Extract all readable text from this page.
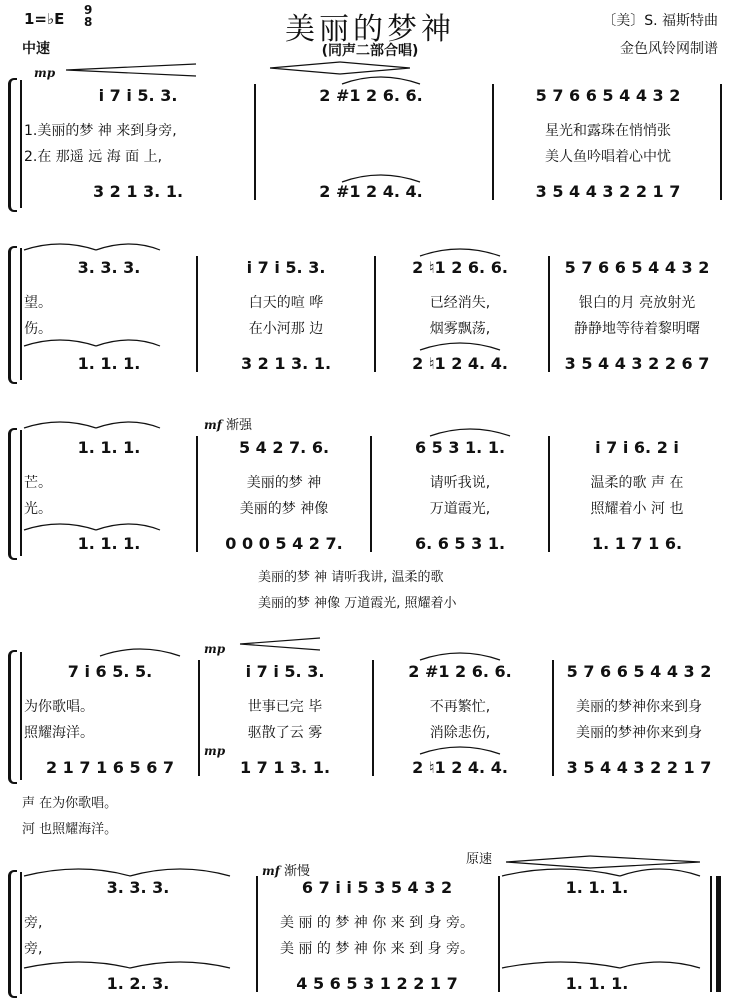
1=♭E 9
8
中速
美丽的梦神
(同声二部合唱)
〔美〕S. 福斯特曲
金色风铃网制谱
mp
i 7 i 5. 3.
1.美丽的梦 神 来到身旁,
2.在 那遥 远 海 面 上,
3 2 1 3. 1.
2 #1 2 6. 6.
2 #1 2 4. 4.
5 7 6 6 5 4 4 3 2
星光和露珠在悄悄张
美人鱼吟唱着心中忧
3 5 4 4 3 2 2 1 7
3. 3. 3.
望。
伤。
1. 1. 1.
i 7 i 5. 3.
白天的喧 哗
在小河那 边
3 2 1 3. 1.
2 ♮1 2 6. 6.
已经消失,
烟雾飘荡,
2 ♮1 2 4. 4.
5 7 6 6 5 4 4 3 2
银白的月 亮放射光
静静地等待着黎明曙
3 5 4 4 3 2 2 6 7
mf 渐强
1. 1. 1.
芒。
光。
1. 1. 1.
5 4 2 7. 6.
美丽的梦 神
美丽的梦 神像
0 0 0 5 4 2 7.
6 5 3 1. 1.
请听我说,
万道霞光,
6. 6 5 3 1.
i 7 i 6. 2 i
温柔的歌 声 在
照耀着小 河 也
1. 1 7 1 6.
美丽的梦 神 请听我讲, 温柔的歌
美丽的梦 神像 万道霞光, 照耀着小
mp
mp
7 i 6 5. 5.
为你歌唱。
照耀海洋。
2 1 7 1 6 5 6 7
i 7 i 5. 3.
世事已完 毕
驱散了云 雾
1 7 1 3. 1.
2 #1 2 6. 6.
不再繁忙,
消除悲伤,
2 ♮1 2 4. 4.
5 7 6 6 5 4 4 3 2
美丽的梦神你来到身
美丽的梦神你来到身
3 5 4 4 3 2 2 1 7
声 在为你歌唱。
河 也照耀海洋。
mf 渐慢
原速
3. 3. 3.
旁,
旁,
1. 2. 3.
6 7 i i 5 3 5 4 3 2
美 丽 的 梦 神 你 来 到 身 旁。
美 丽 的 梦 神 你 来 到 身 旁。
4 5 6 5 3 1 2 2 1 7
1. 1. 1.
1. 1. 1.
